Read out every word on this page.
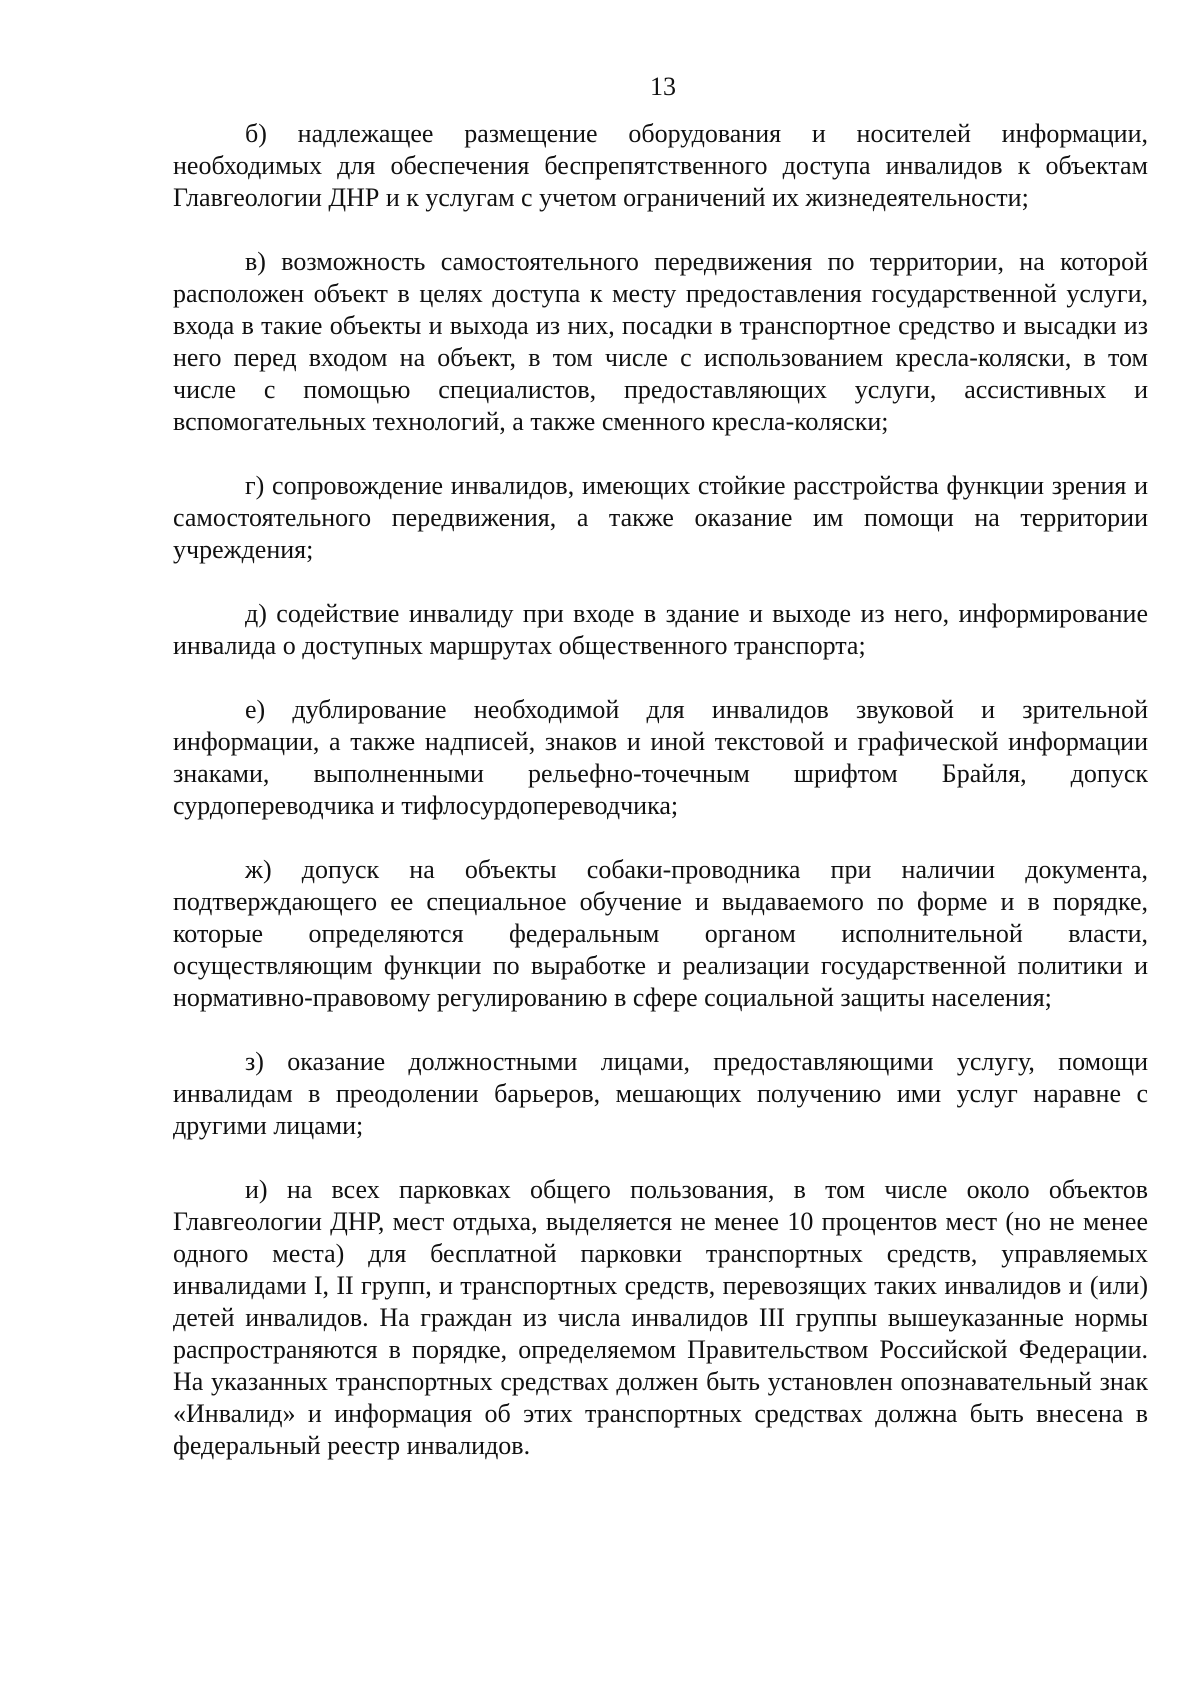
13

б) надлежащее размещение оборудования и носителей информации, необходимых для обеспечения беспрепятственного доступа инвалидов к объектам Главгеологии ДНР и к услугам с учетом ограничений их жизнедеятельности;

в) возможность самостоятельного передвижения по территории, на которой расположен объект в целях доступа к месту предоставления государственной услуги, входа в такие объекты и выхода из них, посадки в транспортное средство и высадки из него перед входом на объект, в том числе с использованием кресла-коляски, в том числе с помощью специалистов, предоставляющих услуги, ассистивных и вспомогательных технологий, а также сменного кресла-коляски;

г) сопровождение инвалидов, имеющих стойкие расстройства функции зрения и самостоятельного передвижения, а также оказание им помощи на территории учреждения;

д) содействие инвалиду при входе в здание и выходе из него, информирование инвалида о доступных маршрутах общественного транспорта;

е) дублирование необходимой для инвалидов звуковой и зрительной информации, а также надписей, знаков и иной текстовой и графической информации знаками, выполненными рельефно-точечным шрифтом Брайля, допуск сурдопереводчика и тифлосурдопереводчика;

ж) допуск на объекты собаки-проводника при наличии документа, подтверждающего ее специальное обучение и выдаваемого по форме и в порядке, которые определяются федеральным органом исполнительной власти, осуществляющим функции по выработке и реализации государственной политики и нормативно-правовому регулированию в сфере социальной защиты населения;

з) оказание должностными лицами, предоставляющими услугу, помощи инвалидам в преодолении барьеров, мешающих получению ими услуг наравне с другими лицами;

и) на всех парковках общего пользования, в том числе около объектов Главгеологии ДНР, мест отдыха, выделяется не менее 10 процентов мест (но не менее одного места) для бесплатной парковки транспортных средств, управляемых инвалидами I, II групп, и транспортных средств, перевозящих таких инвалидов и (или) детей инвалидов. На граждан из числа инвалидов III группы вышеуказанные нормы распространяются в порядке, определяемом Правительством Российской Федерации. На указанных транспортных средствах должен быть установлен опознавательный знак «Инвалид» и информация об этих транспортных средствах должна быть внесена в федеральный реестр инвалидов.
